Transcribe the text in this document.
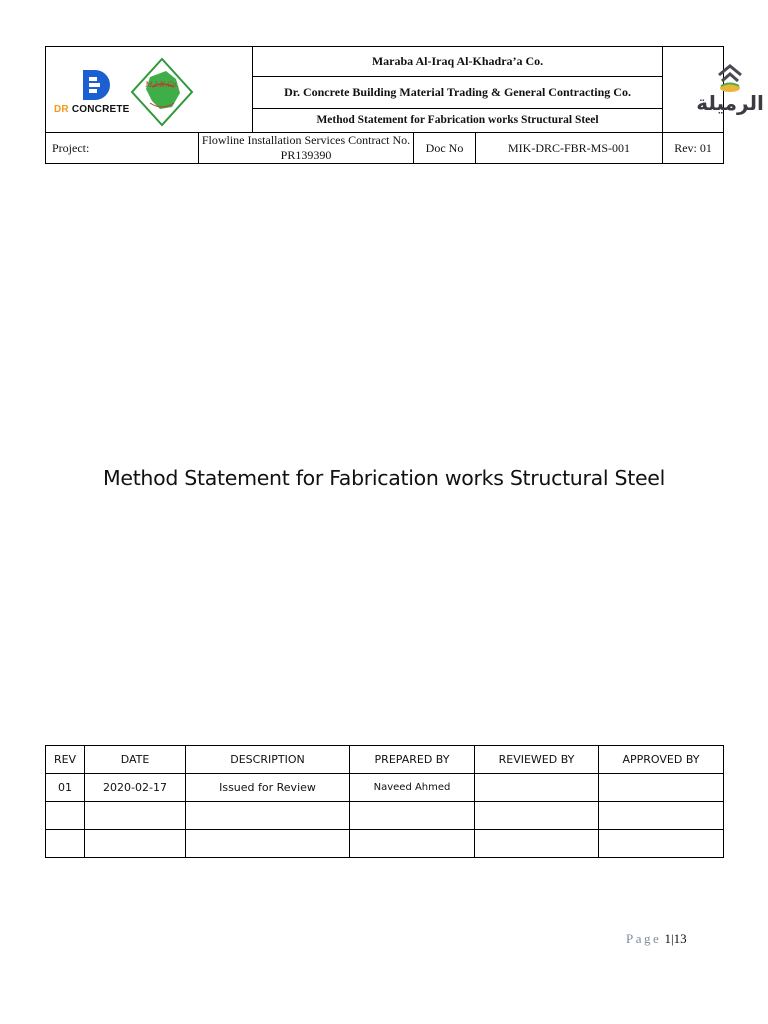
DR CONCRETE
M.I.K.Co.		Maraba Al-Iraq Al-Khadra’a Co.			الرميلة

		Dr. Concrete Building Material Trading & General Contracting Co.			
		Method Statement for Fabrication works Structural Steel			
Project:	Flowline Installation Services Contract No. PR139390		Doc No	MIK-DRC-FBR-MS-001	Rev: 01
Method Statement for Fabrication works Structural Steel
REV	DATE	DESCRIPTION	PREPARED BY	REVIEWED BY	APPROVED BY
01	2020-02-17	Issued for Review	Naveed Ahmed		

Page 1|13
